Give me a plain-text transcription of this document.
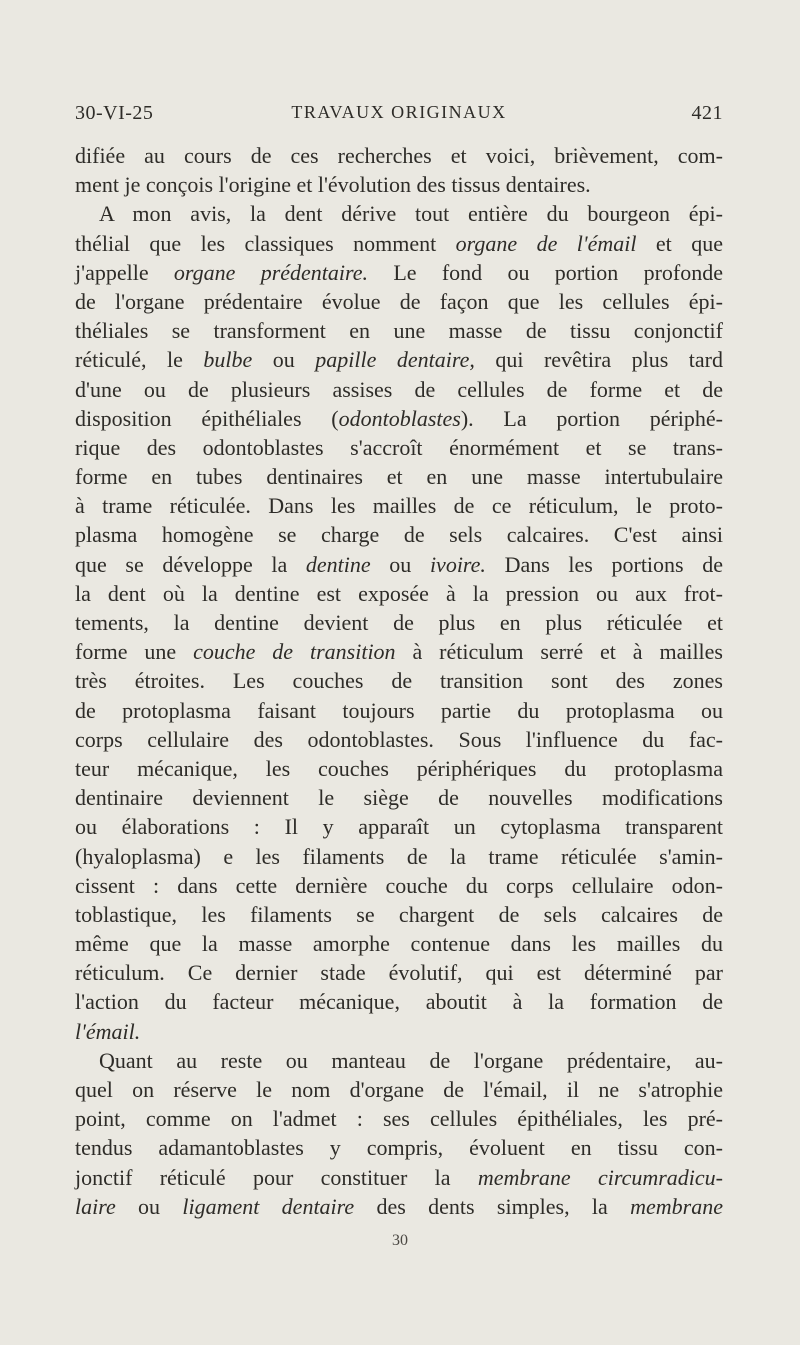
30-VI-25	TRAVAUX ORIGINAUX	421
difiée au cours de ces recherches et voici, brièvement, com-
ment je conçois l'origine et l'évolution des tissus dentaires.
A mon avis, la dent dérive tout entière du bourgeon épi-
thélial que les classiques nomment organe de l'émail et que
j'appelle organe prédentaire. Le fond ou portion profonde
de l'organe prédentaire évolue de façon que les cellules épi-
théliales se transforment en une masse de tissu conjonctif
réticulé, le bulbe ou papille dentaire, qui revêtira plus tard
d'une ou de plusieurs assises de cellules de forme et de
disposition épithéliales (odontoblastes). La portion périphé-
rique des odontoblastes s'accroît énormément et se trans-
forme en tubes dentinaires et en une masse intertubulaire
à trame réticulée. Dans les mailles de ce réticulum, le proto-
plasma homogène se charge de sels calcaires. C'est ainsi
que se développe la dentine ou ivoire. Dans les portions de
la dent où la dentine est exposée à la pression ou aux frot-
tements, la dentine devient de plus en plus réticulée et
forme une couche de transition à réticulum serré et à mailles
très étroites. Les couches de transition sont des zones
de protoplasma faisant toujours partie du protoplasma ou
corps cellulaire des odontoblastes. Sous l'influence du fac-
teur mécanique, les couches périphériques du protoplasma
dentinaire deviennent le siège de nouvelles modifications
ou élaborations : Il y apparaît un cytoplasma transparent
(hyaloplasma) e les filaments de la trame réticulée s'amin-
cissent : dans cette dernière couche du corps cellulaire odon-
toblastique, les filaments se chargent de sels calcaires de
même que la masse amorphe contenue dans les mailles du
réticulum. Ce dernier stade évolutif, qui est déterminé par
l'action du facteur mécanique, aboutit à la formation de
l'émail.
Quant au reste ou manteau de l'organe prédentaire, au-
quel on réserve le nom d'organe de l'émail, il ne s'atrophie
point, comme on l'admet : ses cellules épithéliales, les pré-
tendus adamantoblastes y compris, évoluent en tissu con-
jonctif réticulé pour constituer la membrane circumradicu-
laire ou ligament dentaire des dents simples, la membrane
30
